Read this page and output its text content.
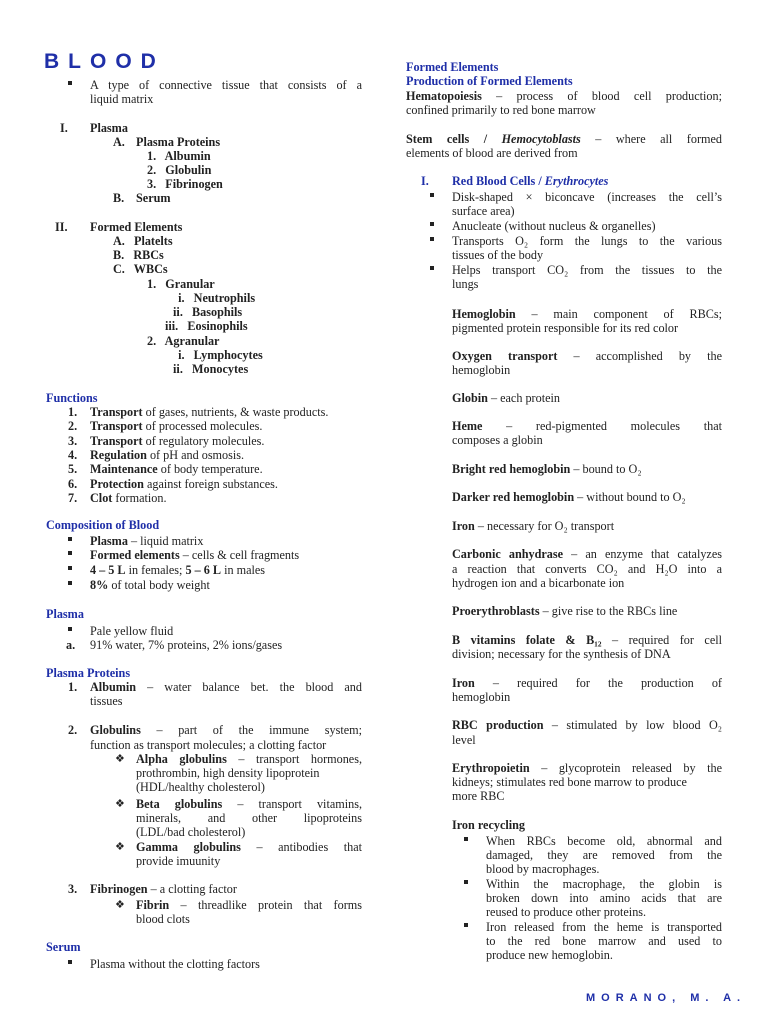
BLOOD
A type of connective tissue that consists of a
liquid matrix
I. Plasma
A. Plasma Proteins
1.   Albumin
2.   Globulin
3.   Fibrinogen
B. Serum
II. Formed Elements
A.   Platelts
B.   RBCs
C.   WBCs
1.   Granular
i.   Neutrophils
ii.   Basophils
iii.   Eosinophils
2.   Agranular
i.   Lymphocytes
ii.   Monocytes
Functions
1. Transport of gases, nutrients, & waste products.
2. Transport of processed molecules.
3. Transport of regulatory molecules.
4. Regulation of pH and osmosis.
5. Maintenance of body temperature.
6. Protection against foreign substances.
7. Clot formation.
Composition of Blood
Plasma – liquid matrix
Formed elements – cells & cell fragments
4 – 5 L in females; 5 – 6 L in males
8% of total body weight
Plasma
Pale yellow fluid
a. 91% water, 7% proteins, 2% ions/gases
Plasma Proteins
1. Albumin – water balance bet. the blood and
tissues
2. Globulins – part of the immune system;
function as transport molecules; a clotting factor
❖ Alpha globulins – transport hormones,
prothrombin, high density lipoprotein
(HDL/healthy cholesterol)
❖ Beta globulins – transport vitamins,
minerals, and other lipoproteins
(LDL/bad cholesterol)
❖ Gamma globulins – antibodies that
provide imuunity
3. Fibrinogen – a clotting factor
❖ Fibrin – threadlike protein that forms
blood clots
Serum
Plasma without the clotting factors
Formed Elements
Production of Formed Elements
Hematopoiesis – process of blood cell production;
confined primarily to red bone marrow
Stem cells / Hemocytoblasts – where all formed
elements of blood are derived from
I. Red Blood Cells / Erythrocytes
Disk-shaped × biconcave (increases the cell’s
surface area)
Anucleate (without nucleus & organelles)
Transports O₂ form the lungs to the various
tissues of the body
Helps transport CO₂ from the tissues to the
lungs
Hemoglobin – main component of RBCs;
pigmented protein responsible for its red color
Oxygen transport – accomplished by the
hemoglobin
Globin – each protein
Heme – red-pigmented molecules that
composes a globin
Bright red hemoglobin – bound to O₂
Darker red hemoglobin – without bound to O₂
Iron – necessary for O₂ transport
Carbonic anhydrase – an enzyme that catalyzes
a reaction that converts CO₂ and H₂O into a
hydrogen ion and a bicarbonate ion
Proerythroblasts – give rise to the RBCs line
B vitamins folate & B₁₂ – required for cell
division; necessary for the synthesis of DNA
Iron – required for the production of
hemoglobin
RBC production – stimulated by low blood O₂
level
Erythropoietin – glycoprotein released by the
kidneys; stimulates red bone marrow to produce
more RBC
Iron recycling
When RBCs become old, abnormal and
damaged, they are removed from the
blood by macrophages.
Within the macrophage, the globin is
broken down into amino acids that are
reused to produce other proteins.
Iron released from the heme is transported
to the red bone marrow and used to
produce new hemoglobin.
MORANO, M. A.
